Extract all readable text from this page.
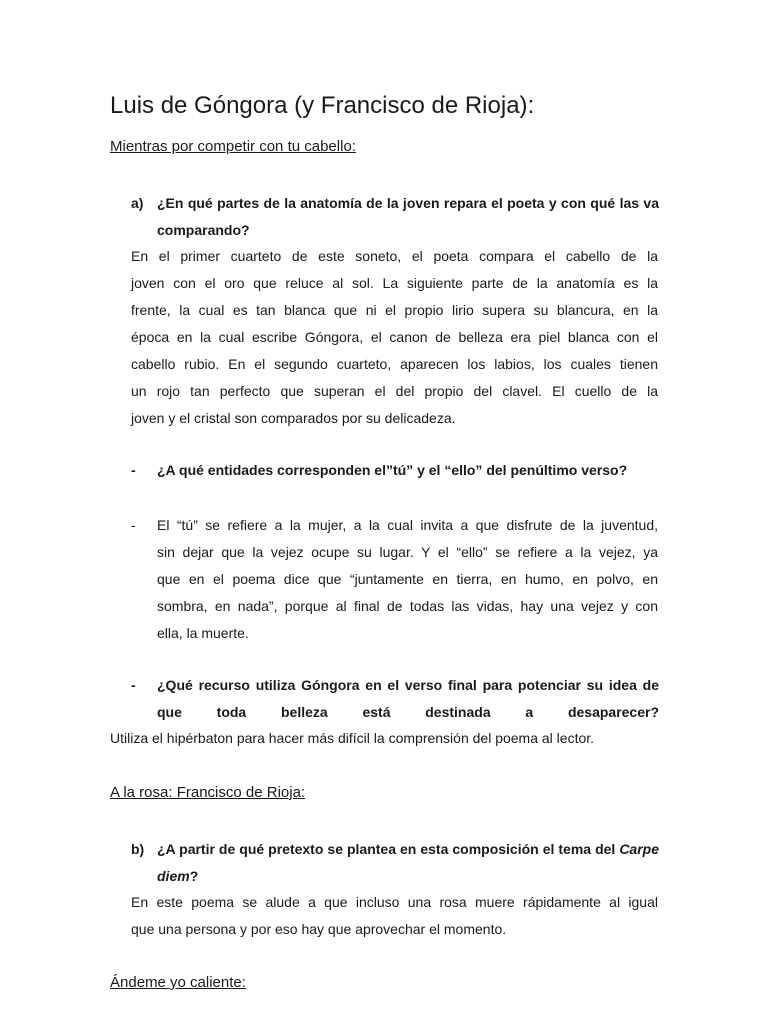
Luis de Góngora (y Francisco de Rioja):
Mientras por competir con tu cabello:
a) ¿En qué partes de la anatomía de la joven repara el poeta y con qué las va comparando?
En el primer cuarteto de este soneto, el poeta compara el cabello de la
joven con el oro que reluce al sol. La siguiente parte de la anatomía es la
frente, la cual es tan blanca que ni el propio lirio supera su blancura, en la
época en la cual escribe Góngora, el canon de belleza era piel blanca con el
cabello rubio. En el segundo cuarteto, aparecen los labios, los cuales tienen
un rojo tan perfecto que superan el del propio del clavel. El cuello de la
joven y el cristal son comparados por su delicadeza.
- ¿A qué entidades corresponden el”tú” y el “ello” del penúltimo verso?
- El “tú” se refiere a la mujer, a la cual invita a que disfrute de la juventud,
sin dejar que la vejez ocupe su lugar. Y el “ello” se refiere a la vejez, ya
que en el poema dice que “juntamente en tierra, en humo, en polvo, en
sombra, en nada”, porque al final de todas las vidas, hay una vejez y con
ella, la muerte.
- ¿Qué recurso utiliza Góngora en el verso final para potenciar su idea de que toda belleza está destinada a desaparecer?
Utiliza el hipérbaton para hacer más difícil la comprensión del poema al lector.
A la rosa: Francisco de Rioja:
b) ¿A partir de qué pretexto se plantea en esta composición el tema del Carpe diem?
En este poema se alude a que incluso una rosa muere rápidamente al igual
que una persona y por eso hay que aprovechar el momento.
Ándeme yo caliente:
